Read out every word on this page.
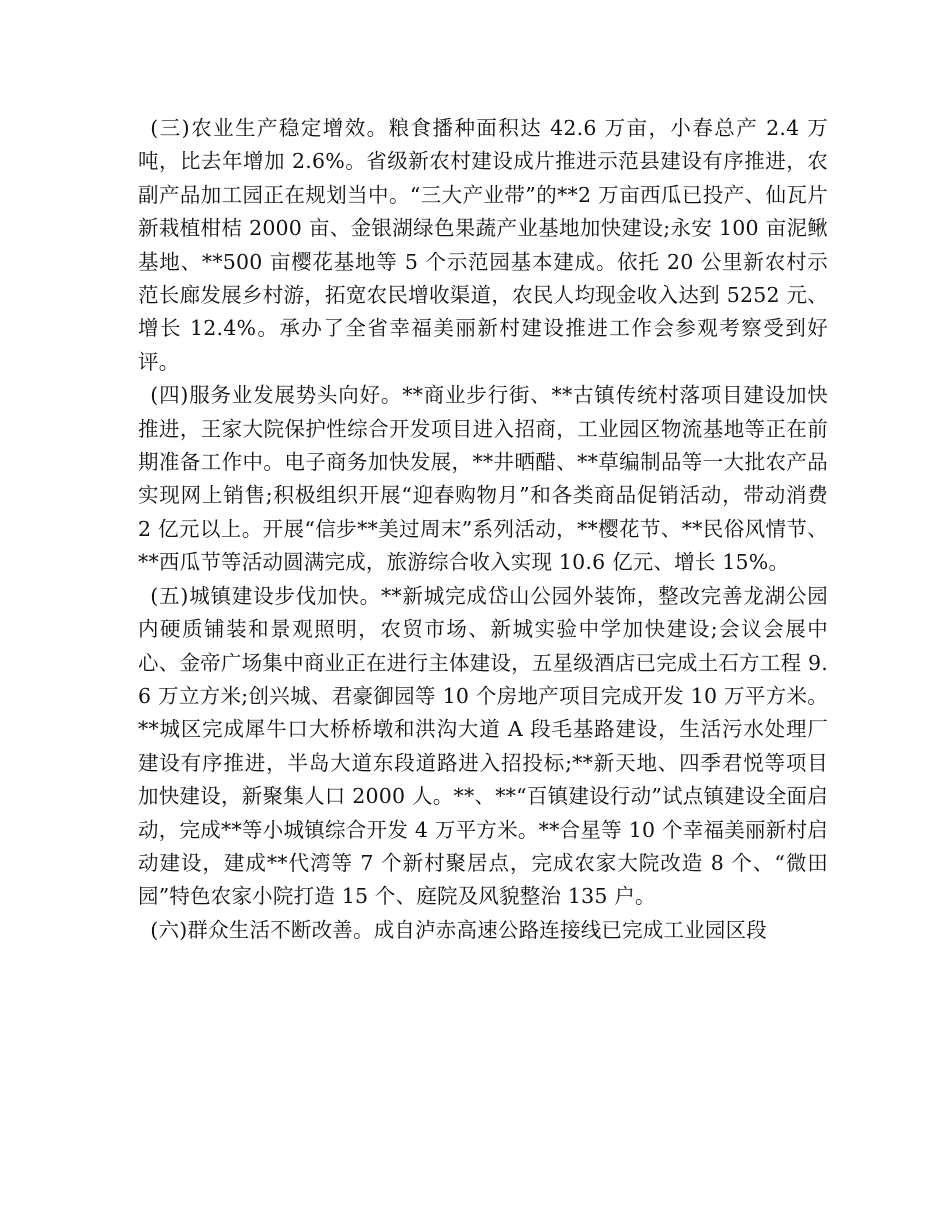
(三)农业生产稳定增效。粮食播种面积达 42.6 万亩，小春总产 2.4 万吨，比去年增加 2.6%。省级新农村建设成片推进示范县建设有序推进，农副产品加工园正在规划当中。“三大产业带”的**2 万亩西瓜已投产、仙瓦片新栽植柑桔 2000 亩、金银湖绿色果蔬产业基地加快建设;永安 100 亩泥鳅基地、**500 亩樱花基地等 5 个示范园基本建成。依托 20 公里新农村示范长廊发展乡村游，拓宽农民增收渠道，农民人均现金收入达到 5252 元、增长 12.4%。承办了全省幸福美丽新村建设推进工作会参观考察受到好评。

(四)服务业发展势头向好。**商业步行街、**古镇传统村落项目建设加快推进，王家大院保护性综合开发项目进入招商，工业园区物流基地等正在前期准备工作中。电子商务加快发展，**井晒醋、**草编制品等一大批农产品实现网上销售;积极组织开展“迎春购物月”和各类商品促销活动，带动消费 2 亿元以上。开展“信步**美过周末”系列活动，**樱花节、**民俗风情节、**西瓜节等活动圆满完成，旅游综合收入实现 10.6 亿元、增长 15%。

(五)城镇建设步伐加快。**新城完成岱山公园外装饰，整改完善龙湖公园内硬质铺装和景观照明，农贸市场、新城实验中学加快建设;会议会展中心、金帝广场集中商业正在进行主体建设，五星级酒店已完成土石方工程 9.6 万立方米;创兴城、君豪御园等 10 个房地产项目完成开发 10 万平方米。**城区完成犀牛口大桥桥墩和洪沟大道 A 段毛基路建设，生活污水处理厂建设有序推进，半岛大道东段道路进入招投标;**新天地、四季君悦等项目加快建设，新聚集人口 2000 人。**、**“百镇建设行动”试点镇建设全面启动，完成**等小城镇综合开发 4 万平方米。**合星等 10 个幸福美丽新村启动建设，建成**代湾等 7 个新村聚居点，完成农家大院改造 8 个、“微田园”特色农家小院打造 15 个、庭院及风貌整治 135 户。

(六)群众生活不断改善。成自泸赤高速公路连接线已完成工业园区段
